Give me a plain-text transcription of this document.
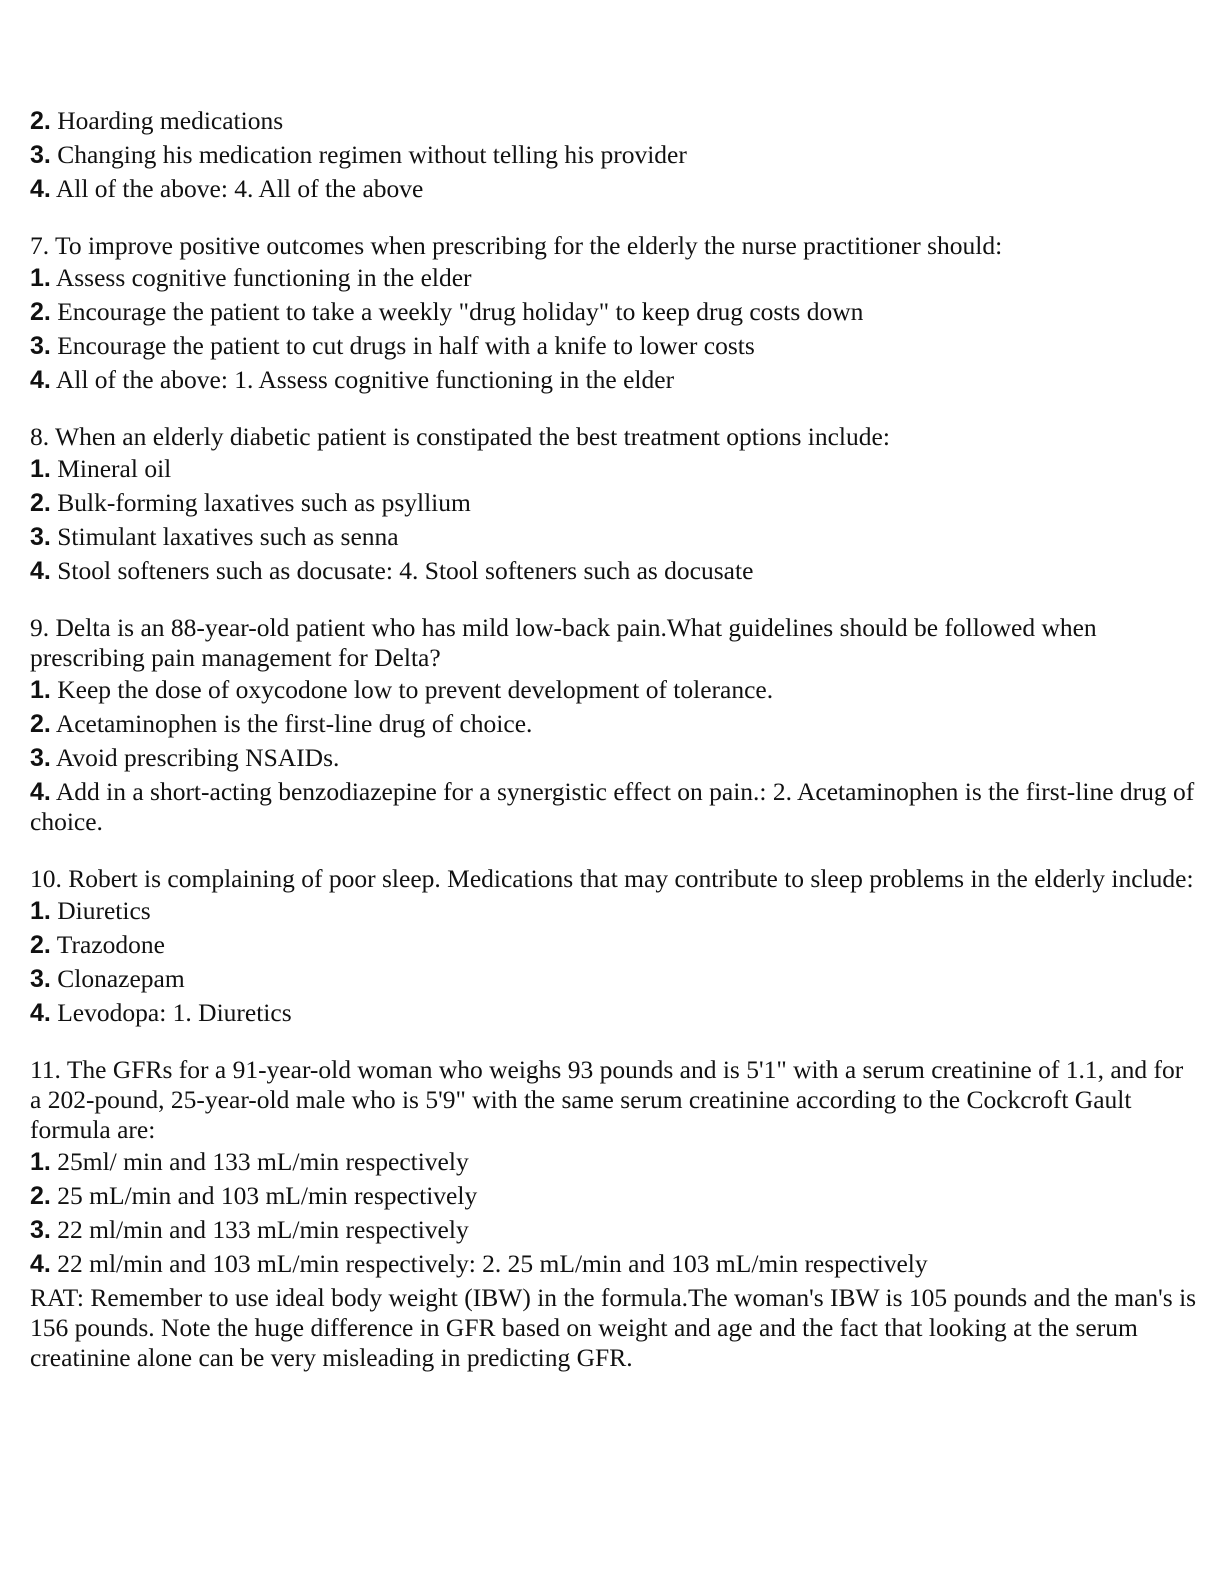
2. Hoarding medications
3. Changing his medication regimen without telling his provider
4. All of the above: 4. All of the above
7. To improve positive outcomes when prescribing for the elderly the nurse practitioner should:
1. Assess cognitive functioning in the elder
2. Encourage the patient to take a weekly "drug holiday" to keep drug costs down
3. Encourage the patient to cut drugs in half with a knife to lower costs
4. All of the above: 1. Assess cognitive functioning in the elder
8. When an elderly diabetic patient is constipated the best treatment options include:
1. Mineral oil
2. Bulk-forming laxatives such as psyllium
3. Stimulant laxatives such as senna
4. Stool softeners such as docusate: 4. Stool softeners such as docusate
9. Delta is an 88-year-old patient who has mild low-back pain.What guidelines should be followed when prescribing pain management for Delta?
1. Keep the dose of oxycodone low to prevent development of tolerance.
2. Acetaminophen is the first-line drug of choice.
3. Avoid prescribing NSAIDs.
4. Add in a short-acting benzodiazepine for a synergistic effect on pain.: 2. Acetaminophen is the first-line drug of choice.
10. Robert is complaining of poor sleep. Medications that may contribute to sleep problems in the elderly include:
1. Diuretics
2. Trazodone
3. Clonazepam
4. Levodopa: 1. Diuretics
11. The GFRs for a 91-year-old woman who weighs 93 pounds and is 5'1" with a serum creatinine of 1.1, and for a 202-pound, 25-year-old male who is 5'9" with the same serum creatinine according to the Cockcroft Gault formula are:
1. 25ml/ min and 133 mL/min respectively
2. 25 mL/min and 103 mL/min respectively
3. 22 ml/min and 133 mL/min respectively
4. 22 ml/min and 103 mL/min respectively: 2. 25 mL/min and 103 mL/min respectively
RAT: Remember to use ideal body weight (IBW) in the formula.The woman's IBW is 105 pounds and the man's is 156 pounds. Note the huge difference in GFR based on weight and age and the fact that looking at the serum creatinine alone can be very misleading in predicting GFR.
